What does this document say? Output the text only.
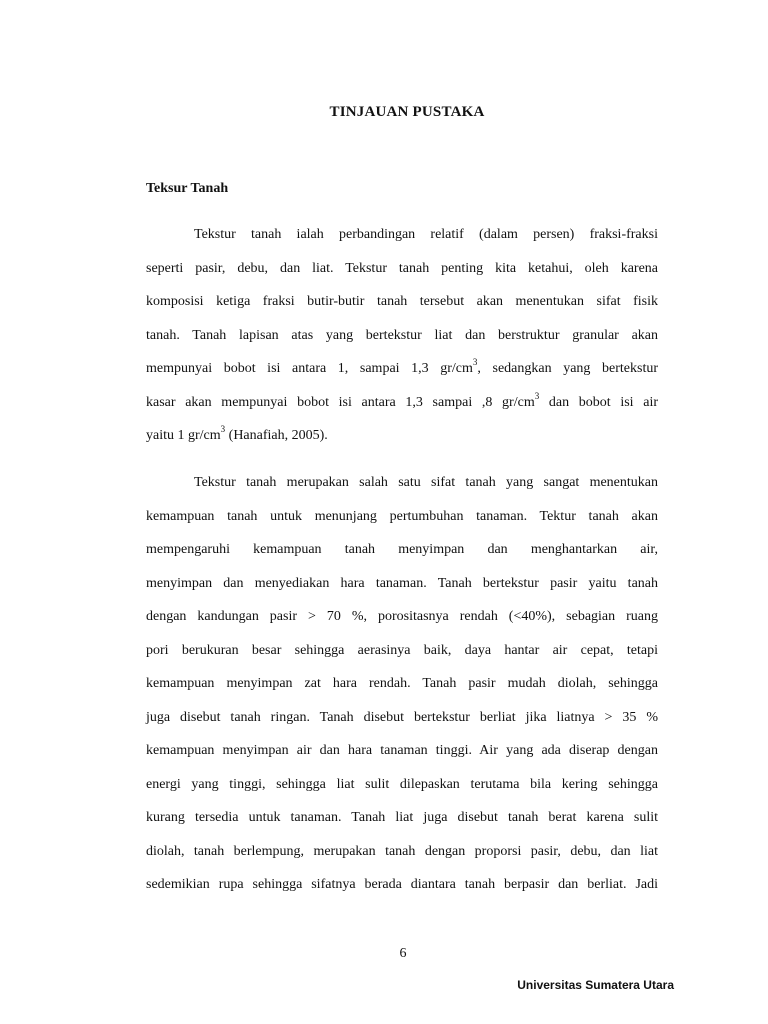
TINJAUAN PUSTAKA
Teksur Tanah
Tekstur tanah ialah perbandingan relatif (dalam persen) fraksi-fraksi
seperti pasir, debu, dan liat. Tekstur tanah penting kita ketahui, oleh karena
komposisi ketiga fraksi butir-butir tanah tersebut akan menentukan sifat fisik
tanah. Tanah lapisan atas yang bertekstur liat dan berstruktur granular akan
mempunyai bobot isi antara 1, sampai 1,3 $gr/cm^3$, sedangkan yang bertekstur
kasar akan mempunyai bobot isi antara 1,3 sampai ,8 $gr/cm^3$ dan bobot isi air
yaitu 1 $gr/cm^3$ (Hanafiah, 2005).
Tekstur tanah merupakan salah satu sifat tanah yang sangat menentukan
kemampuan tanah untuk menunjang pertumbuhan tanaman. Tektur tanah akan
mempengaruhi kemampuan tanah menyimpan dan menghantarkan air,
menyimpan dan menyediakan hara tanaman. Tanah bertekstur pasir yaitu tanah
dengan kandungan pasir > 70 %, porositasnya rendah (<40%), sebagian ruang
pori berukuran besar sehingga aerasinya baik, daya hantar air cepat, tetapi
kemampuan menyimpan zat hara rendah. Tanah pasir mudah diolah, sehingga
juga disebut tanah ringan. Tanah disebut bertekstur berliat jika liatnya > 35 %
kemampuan menyimpan air dan hara tanaman tinggi. Air yang ada diserap dengan
energi yang tinggi, sehingga liat sulit dilepaskan terutama bila kering sehingga
kurang tersedia untuk tanaman. Tanah liat juga disebut tanah berat karena sulit
diolah, tanah berlempung, merupakan tanah dengan proporsi pasir, debu, dan liat
sedemikian rupa sehingga sifatnya berada diantara tanah berpasir dan berliat. Jadi
6
Universitas Sumatera Utara
